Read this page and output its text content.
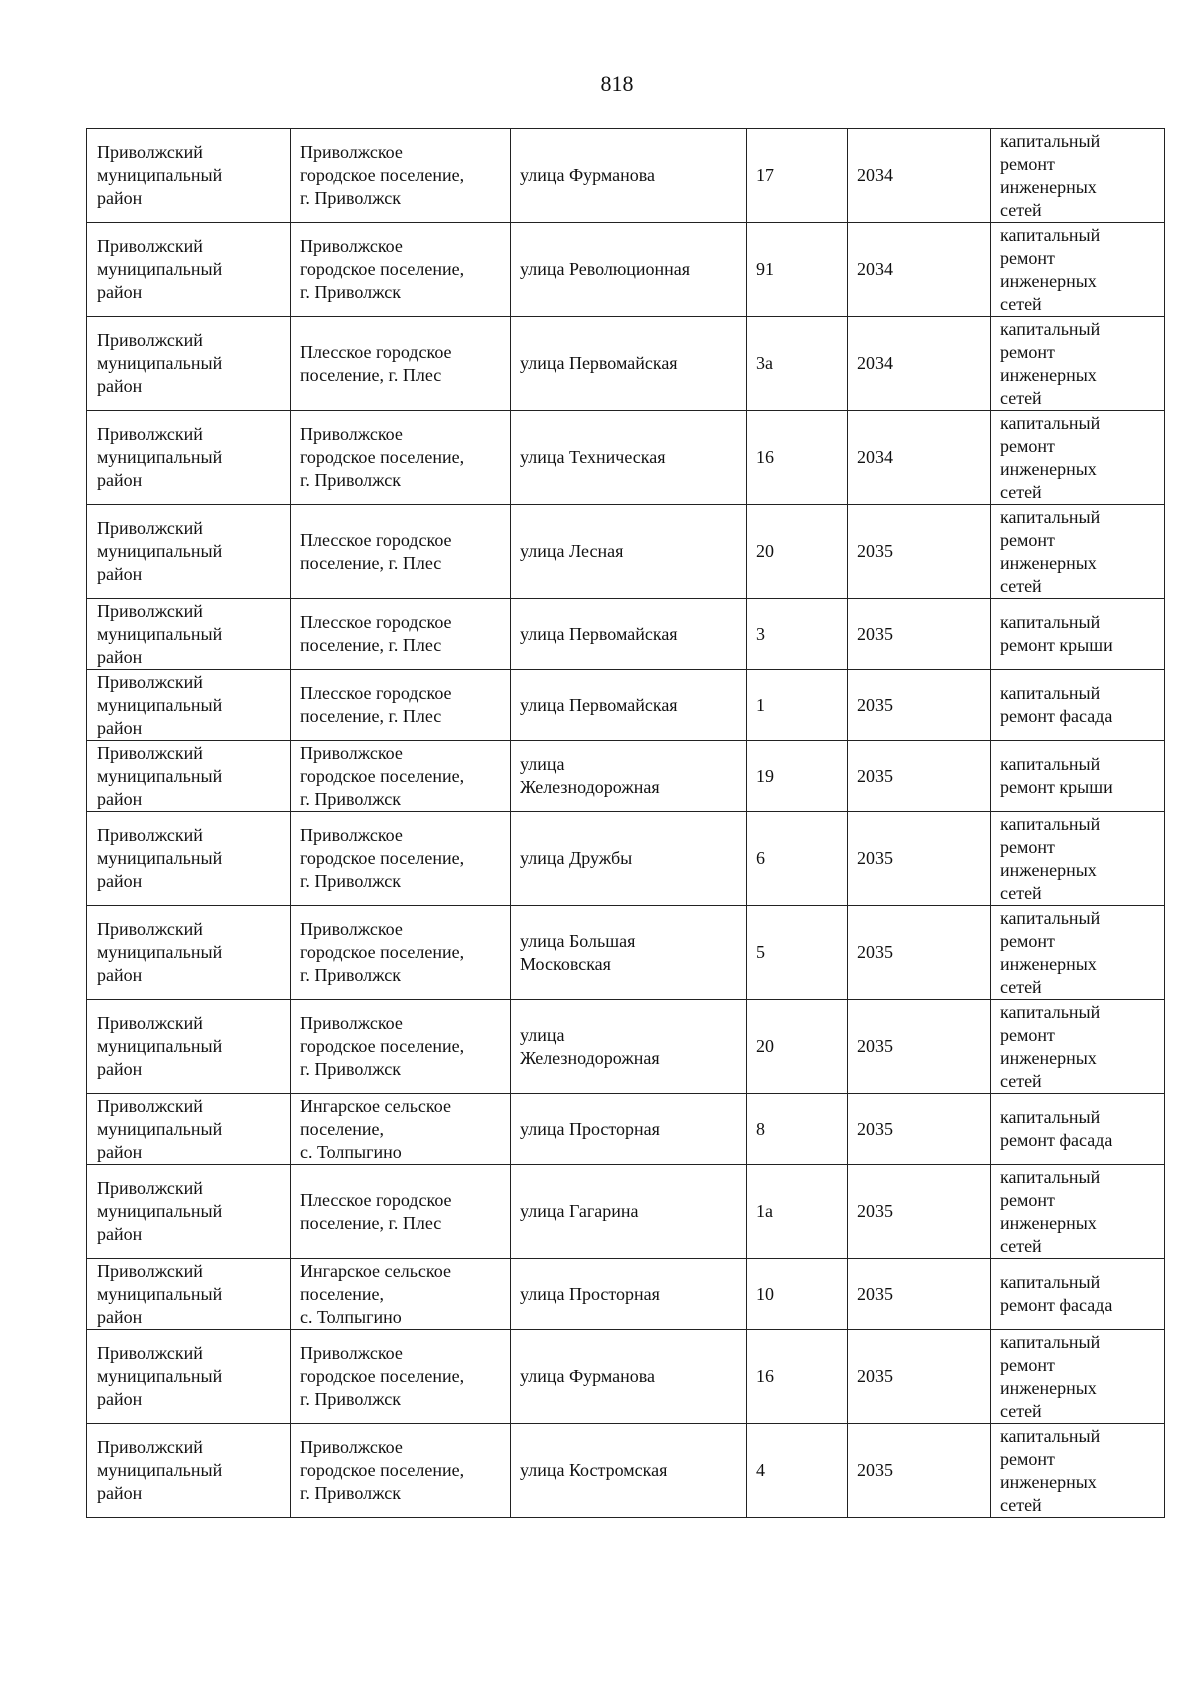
818
Приволжский
муниципальный
район	Приволжское
городское поселение,
г. Приволжск	улица Фурманова	17	2034	капитальный
ремонт
инженерных
сетей
Приволжский
муниципальный
район	Приволжское
городское поселение,
г. Приволжск	улица Революционная	91	2034	капитальный
ремонт
инженерных
сетей
Приволжский
муниципальный
район	Плесское городское
поселение, г. Плес	улица Первомайская	3а	2034	капитальный
ремонт
инженерных
сетей
Приволжский
муниципальный
район	Приволжское
городское поселение,
г. Приволжск	улица Техническая	16	2034	капитальный
ремонт
инженерных
сетей
Приволжский
муниципальный
район	Плесское городское
поселение, г. Плес	улица Лесная	20	2035	капитальный
ремонт
инженерных
сетей
Приволжский
муниципальный
район	Плесское городское
поселение, г. Плес	улица Первомайская	3	2035	капитальный
ремонт крыши
Приволжский
муниципальный
район	Плесское городское
поселение, г. Плес	улица Первомайская	1	2035	капитальный
ремонт фасада
Приволжский
муниципальный
район	Приволжское
городское поселение,
г. Приволжск	улица
Железнодорожная	19	2035	капитальный
ремонт крыши
Приволжский
муниципальный
район	Приволжское
городское поселение,
г. Приволжск	улица Дружбы	6	2035	капитальный
ремонт
инженерных
сетей
Приволжский
муниципальный
район	Приволжское
городское поселение,
г. Приволжск	улица Большая
Московская	5	2035	капитальный
ремонт
инженерных
сетей
Приволжский
муниципальный
район	Приволжское
городское поселение,
г. Приволжск	улица
Железнодорожная	20	2035	капитальный
ремонт
инженерных
сетей
Приволжский
муниципальный
район	Ингарское сельское
поселение,
с. Толпыгино	улица Просторная	8	2035	капитальный
ремонт фасада
Приволжский
муниципальный
район	Плесское городское
поселение, г. Плес	улица Гагарина	1а	2035	капитальный
ремонт
инженерных
сетей
Приволжский
муниципальный
район	Ингарское сельское
поселение,
с. Толпыгино	улица Просторная	10	2035	капитальный
ремонт фасада
Приволжский
муниципальный
район	Приволжское
городское поселение,
г. Приволжск	улица Фурманова	16	2035	капитальный
ремонт
инженерных
сетей
Приволжский
муниципальный
район	Приволжское
городское поселение,
г. Приволжск	улица Костромская	4	2035	капитальный
ремонт
инженерных
сетей
